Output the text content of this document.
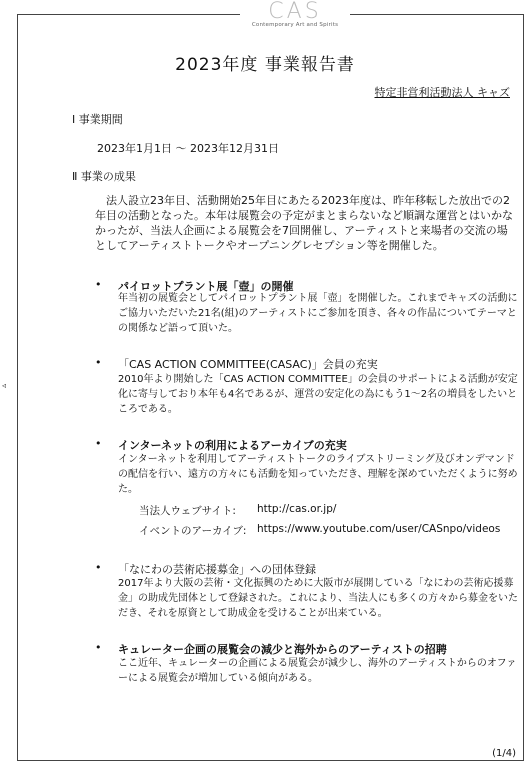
CAS
Contemporary Art and Spirits
◃
2023年度 事業報告書
特定非営利活動法人 キャズ
Ⅰ 事業期間
2023年1月1日 ～ 2023年12月31日
Ⅱ 事業の成果
法人設立23年目、活動開始25年目にあたる2023年度は、昨年移転した放出での2年目の活動となった。本年は展覧会の予定がまとまらないなど順調な運営とはいかなかったが、当法人企画による展覧会を7回開催し、アーティストと来場者の交流の場としてアーティストトークやオープニングレセプション等を開催した。
• パイロットプラント展「壺」の開催
年当初の展覧会としてパイロットプラント展「壺」を開催した。これまでキャズの活動にご協力いただいた21名(組)のアーティストにご参加を頂き、各々の作品についてテーマとの関係など語って頂いた。
• 「CAS ACTION COMMITTEE(CASAC)」会員の充実
2010年より開始した「CAS ACTION COMMITTEE」の会員のサポートによる活動が安定化に寄与しており本年も4名であるが、運営の安定化の為にもう1～2名の増員をしたいところである。
• インターネットの利用によるアーカイブの充実
インターネットを利用してアーティストトークのライブストリーミング及びオンデマンドの配信を行い、遠方の方々にも活動を知っていただき、理解を深めていただくように努めた。
当法人ウェブサイト: http://cas.or.jp/
イベントのアーカイブ: https://www.youtube.com/user/CASnpo/videos
• 「なにわの芸術応援募金」への団体登録
2017年より大阪の芸術・文化振興のために大阪市が展開している「なにわの芸術応援募金」の助成先団体として登録された。これにより、当法人にも多くの方々から募金をいただき、それを原資として助成金を受けることが出来ている。
• キュレーター企画の展覧会の減少と海外からのアーティストの招聘
ここ近年、キュレーターの企画による展覧会が減少し、海外のアーティストからのオファーによる展覧会が増加している傾向がある。
(1/4)
